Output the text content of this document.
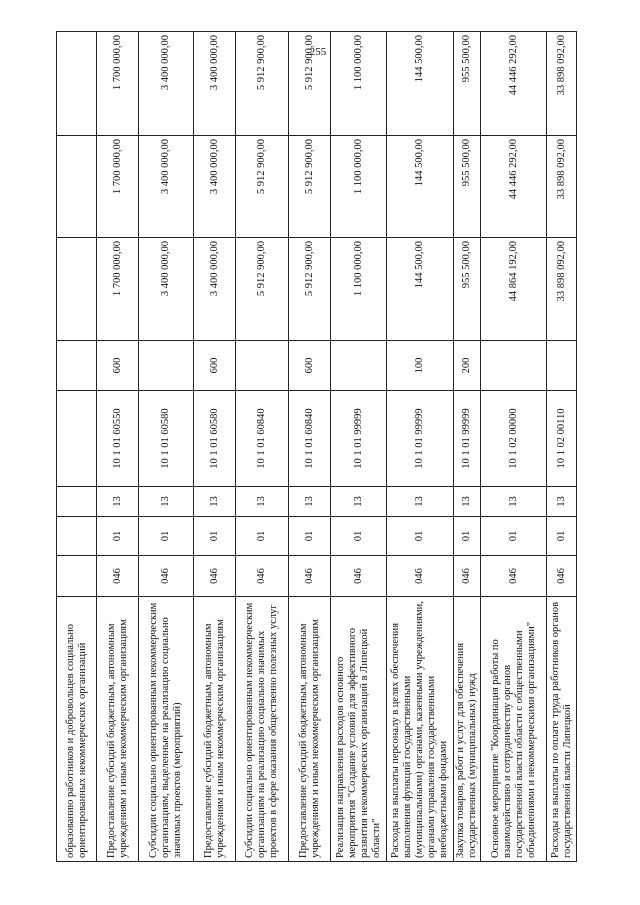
255
образованию работников и добровольцев социально ориентированных некоммерческих организаций								
Предоставление субсидий бюджетным, автономным учреждениям и иным некоммерческим организациям	046	01	13	10 1 01 60550	600	1 700 000,00	1 700 000,00	1 700 000,00
Субсидии социально ориентированным некоммерческим организациям, выделенные на реализацию социально значимых проектов (мероприятий)	046	01	13	10 1 01 60580		3 400 000,00	3 400 000,00	3 400 000,00
Предоставление субсидий бюджетным, автономным учреждениям и иным некоммерческим организациям	046	01	13	10 1 01 60580	600	3 400 000,00	3 400 000,00	3 400 000,00
Субсидии социально ориентированным некоммерческим организациям на реализацию социально значимых проектов в сфере оказания общественно полезных услуг	046	01	13	10 1 01 60840		5 912 900,00	5 912 900,00	5 912 900,00
Предоставление субсидий бюджетным, автономным учреждениям и иным некоммерческим организациям	046	01	13	10 1 01 60840	600	5 912 900,00	5 912 900,00	5 912 900,00
Реализация направления расходов основного мероприятия "Создание условий для эффективного развития некоммерческих организаций в Липецкой области"	046	01	13	10 1 01 99999		1 100 000,00	1 100 000,00	1 100 000,00
Расходы на выплаты персоналу в целях обеспечения выполнения функций государственными (муниципальными) органами, казенными учреждениями, органами управления государственными внебюджетными фондами	046	01	13	10 1 01 99999	100	144 500,00	144 500,00	144 500,00
Закупка товаров, работ и услуг для обеспечения государственных (муниципальных) нужд	046	01	13	10 1 01 99999	200	955 500,00	955 500,00	955 500,00
Основное мероприятие "Координация работы по взаимодействию и сотрудничеству органов государственной власти области с общественными объединениями и некоммерческими организациями"	046	01	13	10 1 02 00000		44 864 192,00	44 446 292,00	44 446 292,00
Расходы на выплаты по оплате труда работников органов государственной власти Липецкой	046	01	13	10 1 02 00110		33 898 092,00	33 898 092,00	33 898 092,00
